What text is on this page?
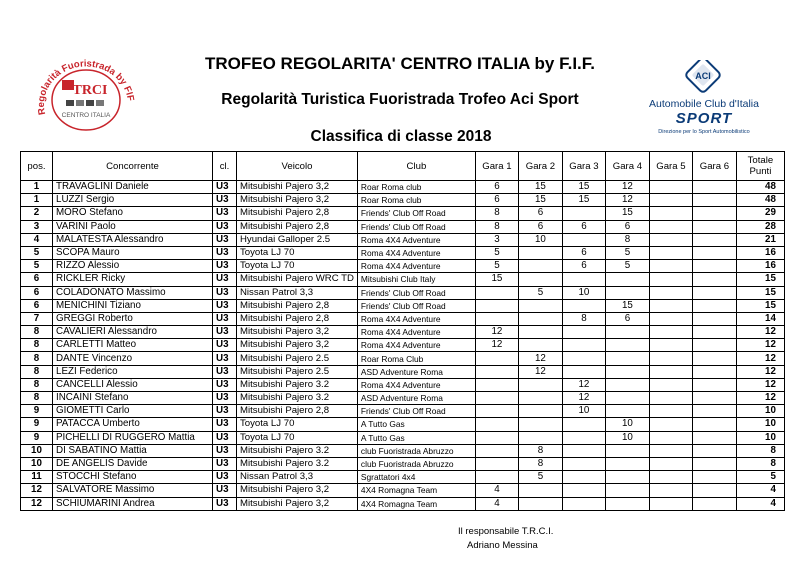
Regolarità Fuoristrada by FIF
TRCI
CENTRO ITALIA
ACI
Automobile Club d'Italia
SPORT
Direzione per lo Sport Automobilistico
TROFEO REGOLARITA' CENTRO ITALIA by F.I.F.
Regolarità Turistica Fuoristrada Trofeo Aci Sport
Classifica di classe 2018
pos.	Concorrente	cl.	Veicolo	Club	Gara 1	Gara 2	Gara 3	Gara 4	Gara 5	Gara 6	Totale Punti
1	TRAVAGLINI Daniele	U3	Mitsubishi Pajero 3,2	Roar Roma club	6	15	15	12			48
1	LUZZI Sergio	U3	Mitsubishi Pajero 3,2	Roar Roma club	6	15	15	12			48
2	MORO Stefano	U3	Mitsubishi Pajero 2,8	Friends' Club Off Road	8	6		15			29
3	VARINI Paolo	U3	Mitsubishi Pajero 2,8	Friends' Club Off Road	8	6	6	6			28
4	MALATESTA Alessandro	U3	Hyundai Galloper 2.5	Roma 4X4 Adventure	3	10		8			21
5	SCOPA Mauro	U3	Toyota LJ 70	Roma 4X4 Adventure	5		6	5			16
5	RIZZO Alessio	U3	Toyota LJ 70	Roma 4X4 Adventure	5		6	5			16
6	RICKLER Ricky	U3	Mitsubishi Pajero WRC TD	Mitsubishi Club Italy	15						15
6	COLADONATO Massimo	U3	Nissan Patrol 3,3	Friends' Club Off Road		5	10				15
6	MENICHINI Tiziano	U3	Mitsubishi Pajero 2,8	Friends' Club Off Road				15			15
7	GREGGI Roberto	U3	Mitsubishi Pajero 2,8	Roma 4X4 Adventure			8	6			14
8	CAVALIERI Alessandro	U3	Mitsubishi Pajero 3,2	Roma 4X4 Adventure	12						12
8	CARLETTI Matteo	U3	Mitsubishi Pajero 3,2	Roma 4X4 Adventure	12						12
8	DANTE Vincenzo	U3	Mitsubishi Pajero 2.5	Roar Roma Club		12					12
8	LEZI Federico	U3	Mitsubishi Pajero 2.5	ASD Adventure Roma		12					12
8	CANCELLI Alessio	U3	Mitsubishi Pajero 3.2	Roma 4X4 Adventure			12				12
8	INCAINI Stefano	U3	Mitsubishi Pajero 3.2	ASD Adventure Roma			12				12
9	GIOMETTI Carlo	U3	Mitsubishi Pajero 2,8	Friends' Club Off Road			10				10
9	PATACCA Umberto	U3	Toyota LJ 70	A Tutto Gas				10			10
9	PICHELLI DI RUGGERO Mattia	U3	Toyota LJ 70	A Tutto Gas				10			10
10	DI SABATINO Mattia	U3	Mitsubishi Pajero 3.2	club Fuoristrada Abruzzo		8					8
10	DE ANGELIS Davide	U3	Mitsubishi Pajero 3.2	club Fuoristrada Abruzzo		8					8
11	STOCCHI Stefano	U3	Nissan Patrol 3,3	Sgrattatori 4x4		5					5
12	SALVATORE Massimo	U3	Mitsubishi Pajero 3,2	4X4 Romagna Team	4						4
12	SCHIUMARINI Andrea	U3	Mitsubishi Pajero 3,2	4X4 Romagna Team	4						4
Il responsabile T.R.C.I.
Adriano Messina
